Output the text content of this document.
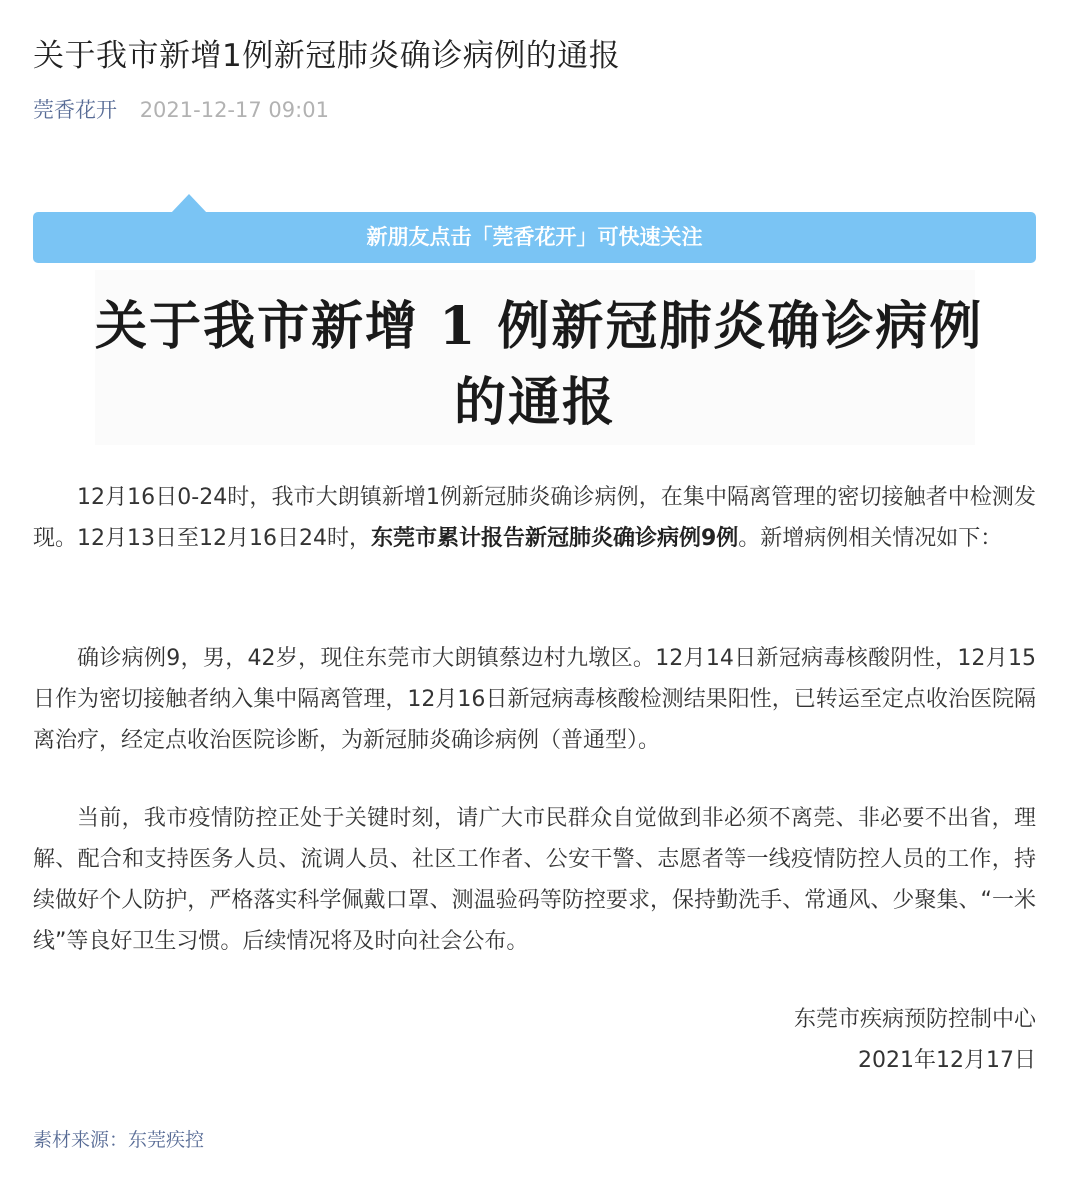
关于我市新增1例新冠肺炎确诊病例的通报
莞香花开 2021-12-17 09:01
新朋友点击「莞香花开」可快速关注
关于我市新增 1 例新冠肺炎确诊病例
的通报

12月16日0-24时，我市大朗镇新增1例新冠肺炎确诊病例，在集中隔离管理的密切接触者中检测发现。12月13日至12月16日24时，东莞市累计报告新冠肺炎确诊病例9例。新增病例相关情况如下：

确诊病例9，男，42岁，现住东莞市大朗镇蔡边村九墩区。12月14日新冠病毒核酸阴性，12月15日作为密切接触者纳入集中隔离管理，12月16日新冠病毒核酸检测结果阳性，已转运至定点收治医院隔离治疗，经定点收治医院诊断，为新冠肺炎确诊病例（普通型）。

当前，我市疫情防控正处于关键时刻，请广大市民群众自觉做到非必须不离莞、非必要不出省，理解、配合和支持医务人员、流调人员、社区工作者、公安干警、志愿者等一线疫情防控人员的工作，持续做好个人防护，严格落实科学佩戴口罩、测温验码等防控要求，保持勤洗手、常通风、少聚集、“一米线”等良好卫生习惯。后续情况将及时向社会公布。

东莞市疾病预防控制中心
2021年12月17日
素材来源：东莞疾控
